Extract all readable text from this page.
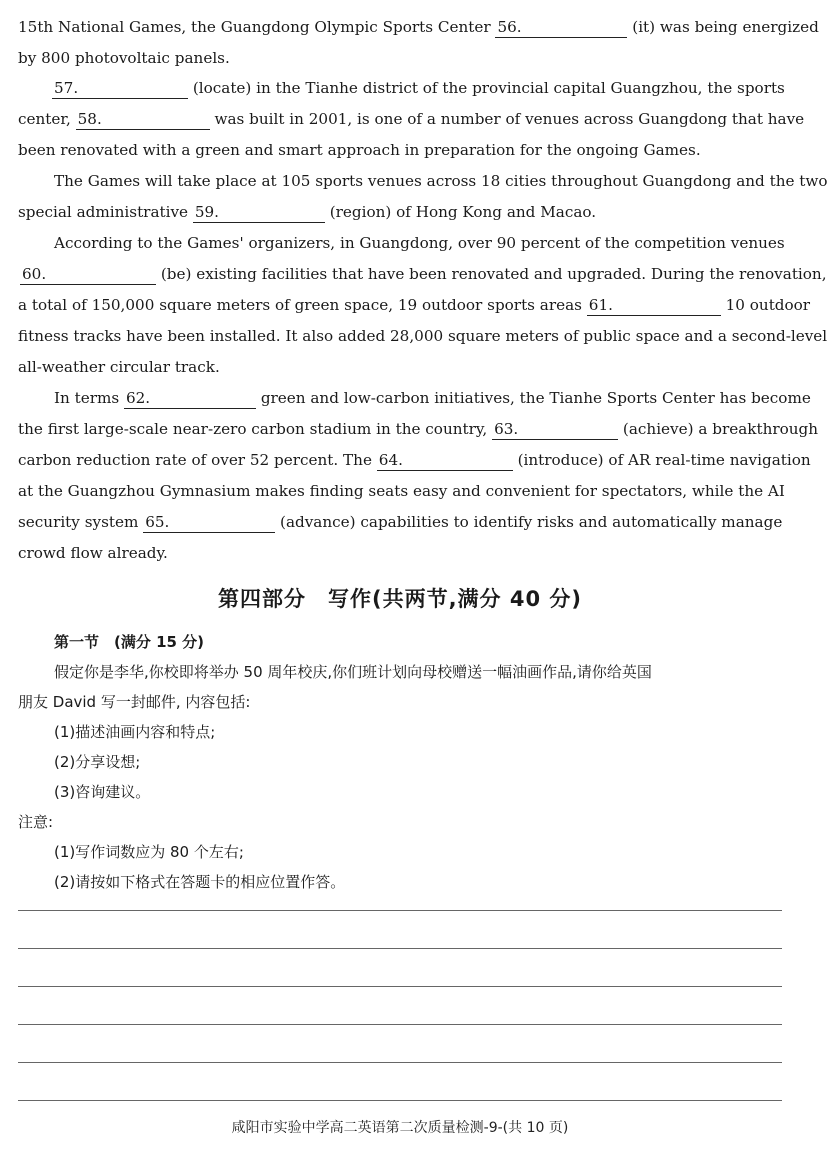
15th National Games, the Guangdong Olympic Sports Center 56.	(it) was being energized
by 800 photovoltaic panels.
57.	(locate) in the Tianhe district of the provincial capital Guangzhou, the sports
center, 58.	was built in 2001, is one of a number of venues across Guangdong that have
been renovated with a green and smart approach in preparation for the ongoing Games.
The Games will take place at 105 sports venues across 18 cities throughout Guangdong and the two
special administrative 59.	(region) of Hong Kong and Macao.
According to the Games' organizers, in Guangdong, over 90 percent of the competition venues
60.	(be) existing facilities that have been renovated and upgraded. During the renovation,
a total of 150,000 square meters of green space, 19 outdoor sports areas 61.	10 outdoor
fitness tracks have been installed. It also added 28,000 square meters of public space and a second-level
all-weather circular track.
In terms 62.	green and low-carbon initiatives, the Tianhe Sports Center has become
the first large-scale near-zero carbon stadium in the country, 63.	(achieve) a breakthrough
carbon reduction rate of over 52 percent. The 64.	(introduce) of AR real-time navigation
at the Guangzhou Gymnasium makes finding seats easy and convenient for spectators, while the AI
security system 65.	(advance) capabilities to identify risks and automatically manage
crowd flow already.
第四部分　写作(共两节,满分 40 分)
第一节　(满分 15 分)
假定你是李华,你校即将举办 50 周年校庆,你们班计划向母校赠送一幅油画作品,请你给英国
朋友 David 写一封邮件, 内容包括:
(1)描述油画内容和特点;
(2)分享设想;
(3)咨询建议。
注意:
(1)写作词数应为 80 个左右;
(2)请按如下格式在答题卡的相应位置作答。
咸阳市实验中学高二英语第二次质量检测-9-(共 10 页)
